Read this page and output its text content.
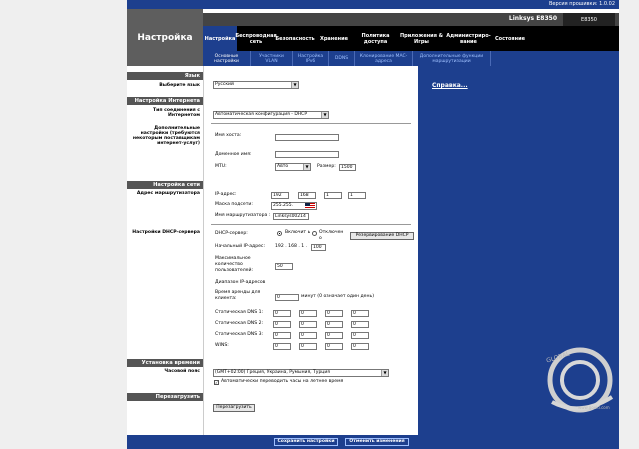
Версия прошивки: 1.0.02
Настройка
Linksys E8350	E8350
Настройка Беспроводная сеть	Безопасность	Хранение	Политика доступа
Приложения & Игры
Администриро-вание	Состояние
Основные настройки
Участники VLAN
Настройка IPv6	DDNS	Клонирование MAC-адреса
Дополнительные функции маршрутизации
Справка...
Язык
Выберите язык	Русский	▼
Настройка Интернета
Тип соединения с Интернетом	Автоматическая конфигурация - DHCP	▼
Дополнительные настройки (требуются некоторым поставщикам интернет-услуг)
Имя хоста:
Доменное имя:
MTU:	Авто	▼	Размер:	1500
Настройка сети
Адрес маршрутизатора	IP-адрес:	192	168	1	1
Маска подсети:	255.255.
Имя маршрутизатора :	Linksys00214
Настройки DHCP-сервера	DHCP-сервер:	Включит ь Отключен о
Резервирование DHCP
Начальный IP-адрес: 192 . 168 . 1 .	100
Максимальное количество пользователей:
50
Диапазон IP-адресов
Время аренды для клиента:	0	минут (0 означает один день)
Статическая DNS 1:	0	0	0	0
Статическая DNS 2:	0	0	0	0
Статическая DNS 3:	0	0	0	0
WINS:	0	0	0	0
Установка времени
Часовой пояс	(GMT+02:00) Греция, Украина, Румыния, Турция	▼
✓ Автоматически переводить часы на летнее время
Перезагрузить
Перезагрузить
Сохранить настройки	Отменить изменения
GLOBAL
www.goeld.com
